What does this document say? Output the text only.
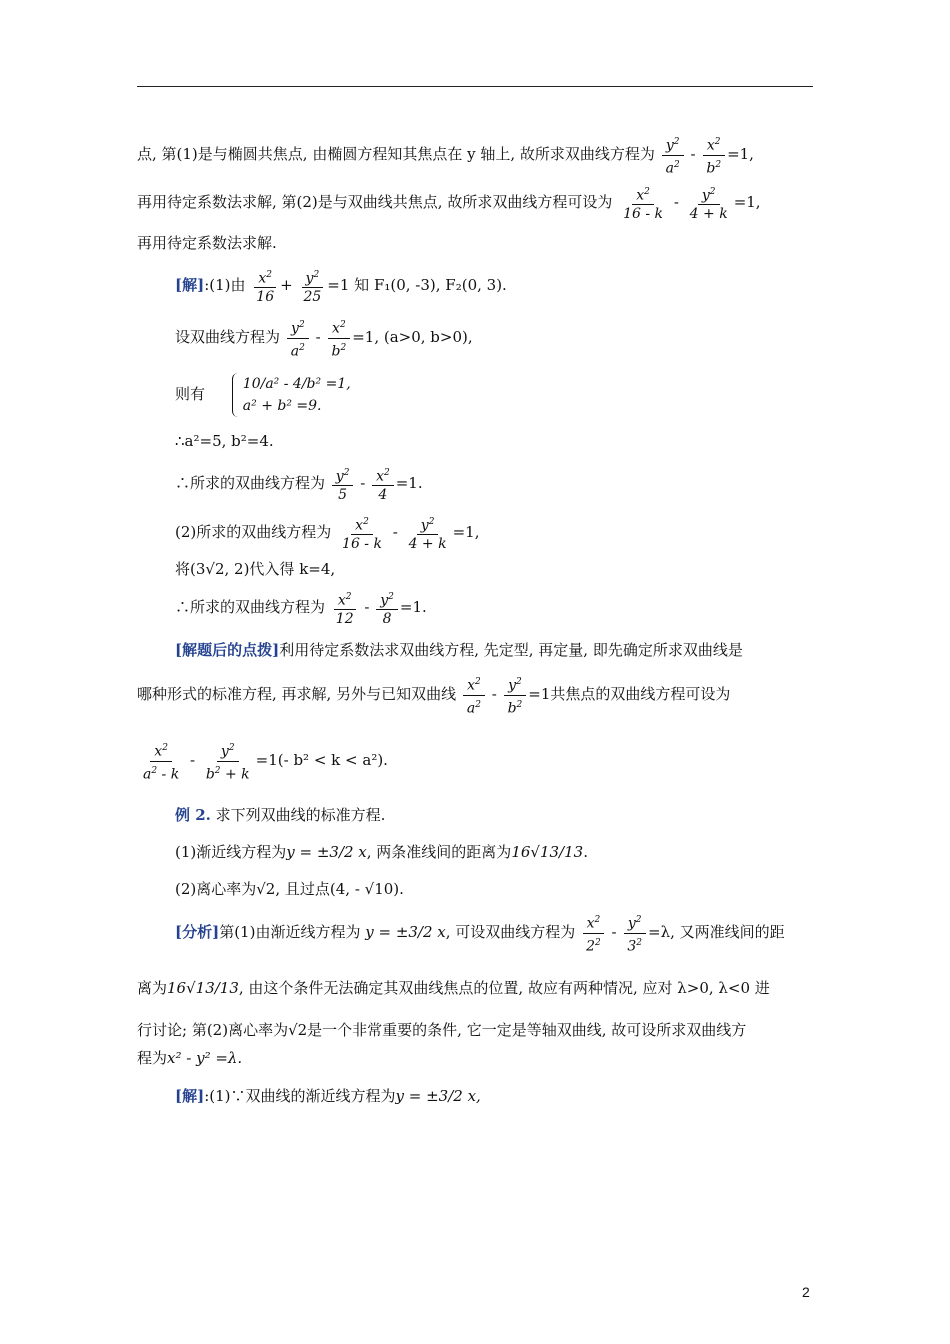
点, 第(1)是与椭圆共焦点, 由椭圆方程知其焦点在 y 轴上, 故所求双曲线方程为 $\frac{y^2}{a^2} - \frac{x^2}{b^2} =1$,
再用待定系数法求解, 第(2)是与双曲线共焦点, 故所求双曲线方程可设为 $\frac{x^2}{16 - k} - \frac{y^2}{4 + k} =1$,
再用待定系数法求解.
[解]:(1)由 $\frac{x^2}{16} + \frac{y^2}{25} =1$ 知 F₁(0, -3), F₂(0, 3).
设双曲线方程为 $\frac{y^2}{a^2} - \frac{x^2}{b^2} =1$, (a>0, b>0),
则有
10/a² - 4/b² =1,
a² + b² =9.
∴a²=5, b²=4.
∴所求的双曲线方程为 $\frac{y^2}{5} - \frac{x^2}{4} =1$.
(2)所求的双曲线方程为 $\frac{x^2}{16 - k} - \frac{y^2}{4 + k} =1$,
将(3√2, 2)代入得 k=4,
∴所求的双曲线方程为 $\frac{x^2}{12} - \frac{y^2}{8} =1$.
[解题后的点拨]利用待定系数法求双曲线方程, 先定型, 再定量, 即先确定所求双曲线是
哪种形式的标准方程, 再求解, 另外与已知双曲线 $\frac{x^2}{a^2} - \frac{y^2}{b^2} =1$共焦点的双曲线方程可设为
$\frac{x^2}{a^2 - k} - \frac{y^2}{b^2 + k} =1(-$ b² < k < a²).
例 2. 求下列双曲线的标准方程.
(1)渐近线方程为y = ±3/2 x, 两条准线间的距离为16√13/13.
(2)离心率为√2, 且过点(4, - √10).
[分析]第(1)由渐近线方程为 y = ±3/2 x, 可设双曲线方程为 $\frac{x^2}{2^2} - \frac{y^2}{3^2} =\lambda$, 又两准线间的距
离为16√13/13, 由这个条件无法确定其双曲线焦点的位置, 故应有两种情况, 应对 λ>0, λ<0 进
行讨论; 第(2)离心率为√2是一个非常重要的条件, 它一定是等轴双曲线, 故可设所求双曲线方
程为x² - y² =λ.
[解]:(1)∵双曲线的渐近线方程为y = ±3/2 x,
2
